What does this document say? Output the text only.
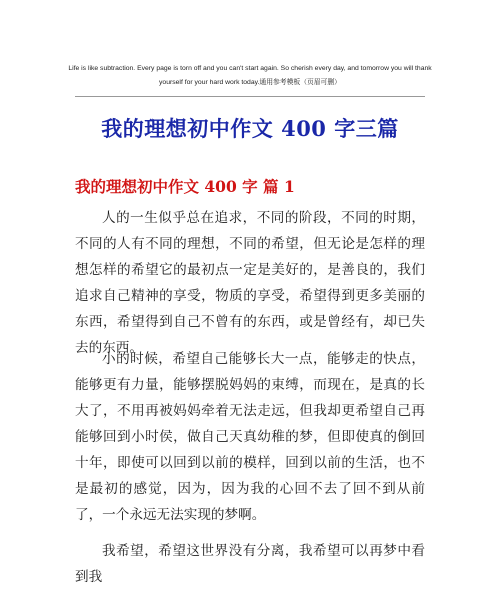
Life is like subtraction. Every page is torn off and you can't start again. So cherish every day, and tomorrow you will thank yourself for your hard work today.通用参考模板（页眉可删）
我的理想初中作文 400 字三篇
我的理想初中作文 400 字 篇 1

人的一生似乎总在追求，不同的阶段，不同的时期，不同的人有不同的理想，不同的希望，但无论是怎样的理想怎样的希望它的最初点一定是美好的，是善良的，我们追求自己精神的享受，物质的享受，希望得到更多美丽的东西，希望得到自己不曾有的东西，或是曾经有，却已失去的东西。

小的时候，希望自己能够长大一点，能够走的快点，能够更有力量，能够摆脱妈妈的束缚，而现在，是真的长大了，不用再被妈妈牵着无法走远，但我却更希望自己再能够回到小时侯，做自己天真幼稚的梦，但即使真的倒回十年，即使可以回到以前的模样，回到以前的生活，也不是最初的感觉，因为，因为我的心回不去了回不到从前了，一个永远无法实现的梦啊。

我希望，希望这世界没有分离，我希望可以再梦中看到我
